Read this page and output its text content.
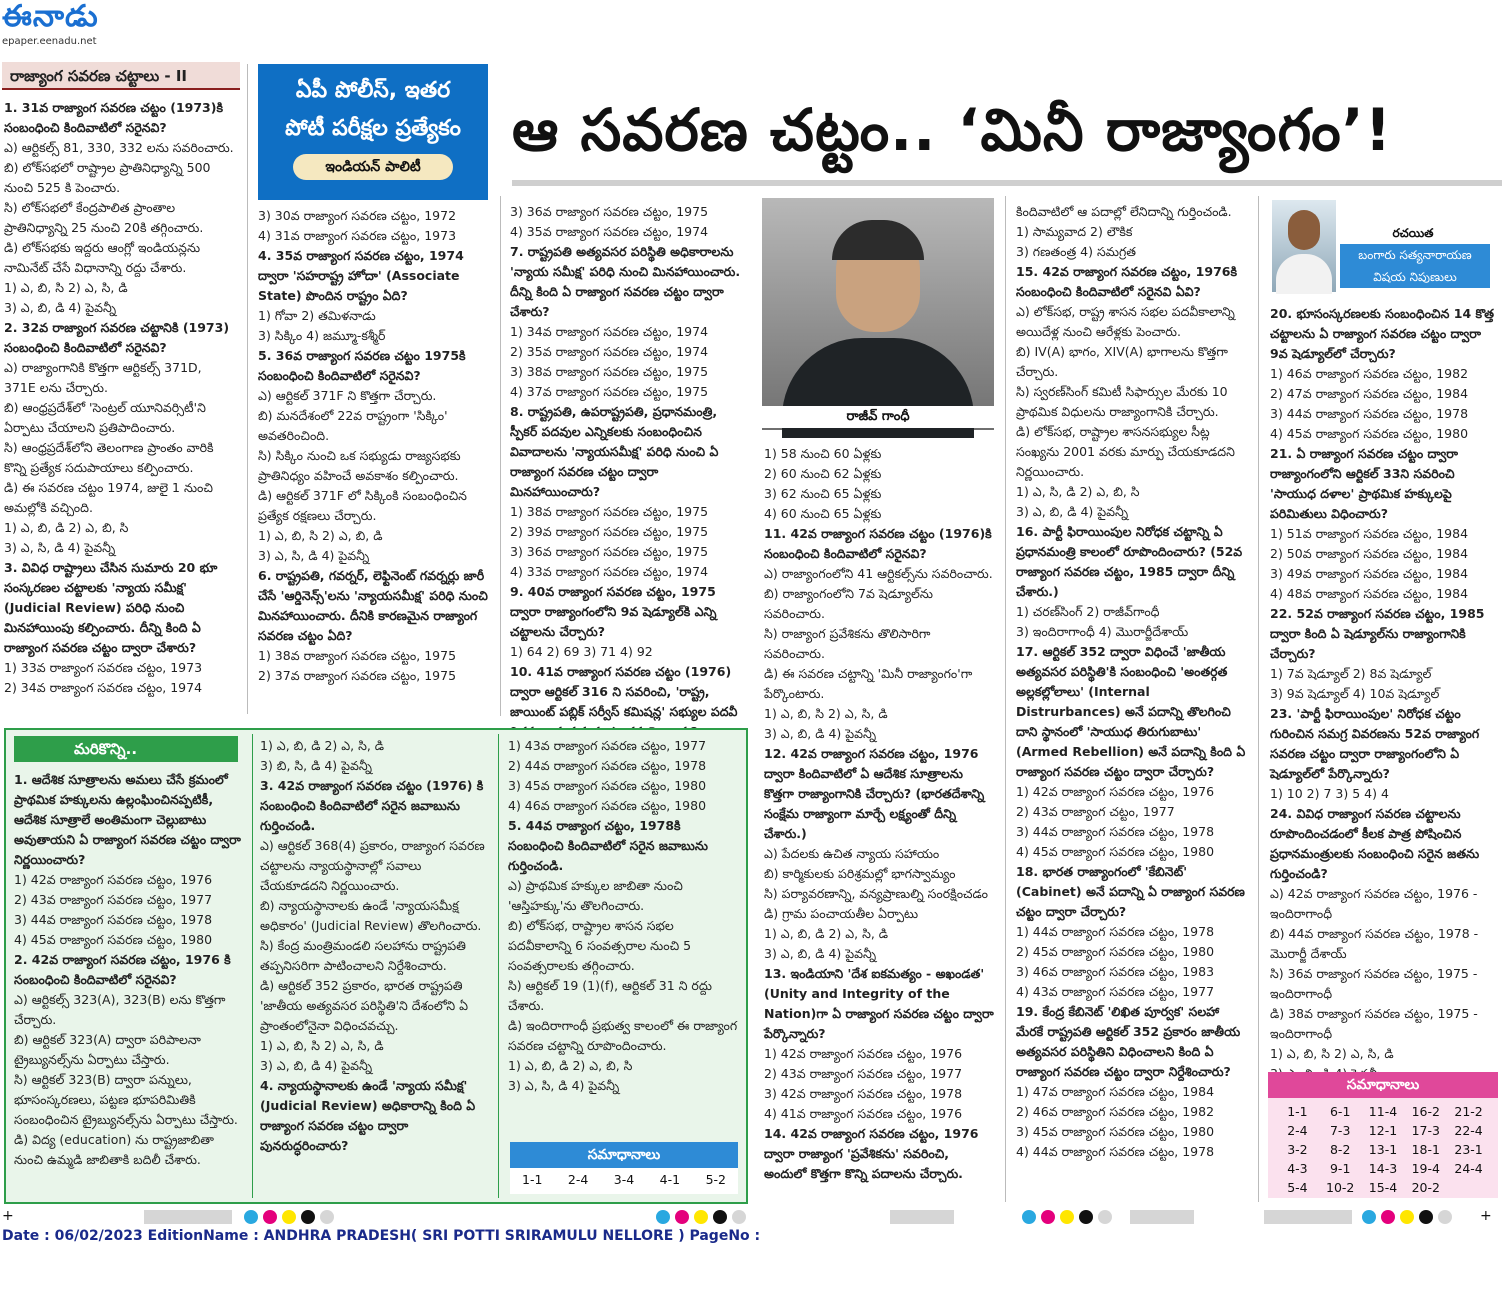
ఈనాడు
epaper.eenadu.net
రాజ్యాంగ సవరణ చట్టాలు - II
ఏపీ పోలీస్, ఇతర
పోటీ పరీక్షల ప్రత్యేకం
ఇండియన్ పాలిటీ
ఆ సవరణ చట్టం.. ‘మినీ రాజ్యాంగం’!

1. 31వ రాజ్యాంగ సవరణ చట్టం (1973)కి సంబంధించి కిందివాటిలో సరైనవి?

ఎ) ఆర్టికల్స్ 81, 330, 332 లను సవరించారు.

బి) లోక్‌సభలో రాష్ట్రాల ప్రాతినిధ్యాన్ని 500 నుంచి 525 కి పెంచారు.

సి) లోక్‌సభలో కేంద్రపాలిత ప్రాంతాల ప్రాతినిధ్యాన్ని 25 నుంచి 20కి తగ్గించారు.

డి) లోక్‌సభకు ఇద్దరు ఆంగ్లో ఇండియన్లను నామినేట్ చేసే విధానాన్ని రద్దు చేశారు.

1) ఎ, బి, సి 2) ఎ, సి, డి

3) ఎ, బి, డి 4) పైవన్నీ

2. 32వ రాజ్యాంగ సవరణ చట్టానికి (1973) సంబంధించి కిందివాటిలో సరైనవి?

ఎ) రాజ్యాంగానికి కొత్తగా ఆర్టికల్స్ 371D, 371E లను చేర్చారు.

బి) ఆంధ్రప్రదేశ్‌లో 'సెంట్రల్ యూనివర్సిటీ'ని ఏర్పాటు చేయాలని ప్రతిపాదించారు.

సి) ఆంధ్రప్రదేశ్‌లోని తెలంగాణ ప్రాంతం వారికి కొన్ని ప్రత్యేక సదుపాయాలు కల్పించారు.

డి) ఈ సవరణ చట్టం 1974, జులై 1 నుంచి అమల్లోకి వచ్చింది.

1) ఎ, బి, డి 2) ఎ, బి, సి

3) ఎ, సి, డి 4) పైవన్నీ

3. వివిధ రాష్ట్రాలు చేసిన సుమారు 20 భూ సంస్కరణల చట్టాలకు 'న్యాయ సమీక్ష' (Judicial Review) పరిధి నుంచి మినహాయింపు కల్పించారు. దీన్ని కింది ఏ రాజ్యాంగ సవరణ చట్టం ద్వారా చేశారు?

1) 33వ రాజ్యాంగ సవరణ చట్టం, 1973

2) 34వ రాజ్యాంగ సవరణ చట్టం, 1974

3) 30వ రాజ్యాంగ సవరణ చట్టం, 1972

4) 31వ రాజ్యాంగ సవరణ చట్టం, 1973

4. 35వ రాజ్యాంగ సవరణ చట్టం, 1974 ద్వారా 'సహరాష్ట్ర హోదా' (Associate State) పొందిన రాష్ట్రం ఏది?

1) గోవా 2) తమిళనాడు

3) సిక్కిం 4) జమ్మూ-కశ్మీర్

5. 36వ రాజ్యాంగ సవరణ చట్టం 1975కి సంబంధించి కిందివాటిలో సరైనవి?

ఎ) ఆర్టికల్ 371F ని కొత్తగా చేర్చారు.

బి) మనదేశంలో 22వ రాష్ట్రంగా 'సిక్కిం' అవతరించింది.

సి) సిక్కిం నుంచి ఒక సభ్యుడు రాజ్యసభకు ప్రాతినిధ్యం వహించే అవకాశం కల్పించారు.

డి) ఆర్టికల్ 371F లో సిక్కింకి సంబంధించిన ప్రత్యేక రక్షణలు చేర్చారు.

1) ఎ, బి, సి 2) ఎ, బి, డి

3) ఎ, సి, డి 4) పైవన్నీ

6. రాష్ట్రపతి, గవర్నర్, లెఫ్టినెంట్ గవర్నర్లు జారీ చేసే 'ఆర్డినెన్స్'లను 'న్యాయసమీక్ష' పరిధి నుంచి మినహాయించారు. దీనికి కారణమైన రాజ్యాంగ సవరణ చట్టం ఏది?

1) 38వ రాజ్యాంగ సవరణ చట్టం, 1975

2) 37వ రాజ్యాంగ సవరణ చట్టం, 1975

3) 36వ రాజ్యాంగ సవరణ చట్టం, 1975

4) 35వ రాజ్యాంగ సవరణ చట్టం, 1974

7. రాష్ట్రపతి అత్యవసర పరిస్థితి అధికారాలను 'న్యాయ సమీక్ష' పరిధి నుంచి మినహాయించారు. దీన్ని కింది ఏ రాజ్యాంగ సవరణ చట్టం ద్వారా చేశారు?

1) 34వ రాజ్యాంగ సవరణ చట్టం, 1974

2) 35వ రాజ్యాంగ సవరణ చట్టం, 1974

3) 38వ రాజ్యాంగ సవరణ చట్టం, 1975

4) 37వ రాజ్యాంగ సవరణ చట్టం, 1975

8. రాష్ట్రపతి, ఉపరాష్ట్రపతి, ప్రధానమంత్రి, స్పీకర్ పదవుల ఎన్నికలకు సంబంధించిన వివాదాలను 'న్యాయసమీక్ష' పరిధి నుంచి ఏ రాజ్యాంగ సవరణ చట్టం ద్వారా మినహాయించారు?

1) 38వ రాజ్యాంగ సవరణ చట్టం, 1975

2) 39వ రాజ్యాంగ సవరణ చట్టం, 1975

3) 36వ రాజ్యాంగ సవరణ చట్టం, 1975

4) 33వ రాజ్యాంగ సవరణ చట్టం, 1974

9. 40వ రాజ్యాంగ సవరణ చట్టం, 1975 ద్వారా రాజ్యాంగంలోని 9వ షెడ్యూల్‌కి ఎన్ని చట్టాలను చేర్చారు?

1) 64 2) 69 3) 71 4) 92

10. 41వ రాజ్యాంగ సవరణ చట్టం (1976) ద్వారా ఆర్టికల్ 316 ని సవరించి, 'రాష్ట్ర, జాయింట్ పబ్లిక్ సర్వీస్ కమిషన్ల' సభ్యుల పదవీ

రాజీవ్ గాంధీ

1) 58 నుంచి 60 ఏళ్లకు

2) 60 నుంచి 62 ఏళ్లకు

3) 62 నుంచి 65 ఏళ్లకు

4) 60 నుంచి 65 ఏళ్లకు

11. 42వ రాజ్యాంగ సవరణ చట్టం (1976)కి సంబంధించి కిందివాటిలో సరైనవి?

ఎ) రాజ్యాంగంలోని 41 ఆర్టికల్స్‌ను సవరించారు.

బి) రాజ్యాంగంలోని 7వ షెడ్యూల్‌ను సవరించారు.

సి) రాజ్యాంగ ప్రవేశికను తొలిసారిగా సవరించారు.

డి) ఈ సవరణ చట్టాన్ని 'మినీ రాజ్యాంగం'గా పేర్కొంటారు.

1) ఎ, బి, సి 2) ఎ, సి, డి

3) ఎ, బి, డి 4) పైవన్నీ

12. 42వ రాజ్యాంగ సవరణ చట్టం, 1976 ద్వారా కిందివాటిలో ఏ ఆదేశిక సూత్రాలను కొత్తగా రాజ్యాంగానికి చేర్చారు? (భారతదేశాన్ని సంక్షేమ రాజ్యాంగా మార్చే లక్ష్యంతో దీన్ని చేశారు.)

ఎ) పేదలకు ఉచిత న్యాయ సహాయం

బి) కార్మికులకు పరిశ్రమల్లో భాగస్వామ్యం

సి) పర్యావరణాన్ని, వన్యప్రాణుల్ని సంరక్షించడం

డి) గ్రామ పంచాయతీల ఏర్పాటు

1) ఎ, బి, డి 2) ఎ, సి, డి

3) ఎ, బి, డి 4) పైవన్నీ

13. ఇండియాని 'దేశ ఐకమత్యం - అఖండత' (Unity and Integrity of the Nation)గా ఏ రాజ్యాంగ సవరణ చట్టం ద్వారా పేర్కొన్నారు?

1) 42వ రాజ్యాంగ సవరణ చట్టం, 1976

2) 43వ రాజ్యాంగ సవరణ చట్టం, 1977

3) 42వ రాజ్యాంగ సవరణ చట్టం, 1978

4) 41వ రాజ్యాంగ సవరణ చట్టం, 1976

14. 42వ రాజ్యాంగ సవరణ చట్టం, 1976 ద్వారా రాజ్యాంగ 'ప్రవేశికను' సవరించి, అందులో కొత్తగా కొన్ని పదాలను చేర్చారు.

కిందివాటిలో ఆ పదాల్లో లేనిదాన్ని గుర్తించండి.

1) సామ్యవాద 2) లౌకిక

3) గణతంత్ర 4) సమగ్రత

15. 42వ రాజ్యాంగ సవరణ చట్టం, 1976కి సంబంధించి కిందివాటిలో సరైనవి ఏవి?

ఎ) లోక్‌సభ, రాష్ట్ర శాసన సభల పదవీకాలాన్ని అయిదేళ్ల నుంచి ఆరేళ్లకు పెంచారు.

బి) IV(A) భాగం, XIV(A) భాగాలను కొత్తగా చేర్చారు.

సి) స్వరణ్‌సింగ్ కమిటీ సిఫార్సుల మేరకు 10 ప్రాథమిక విధులను రాజ్యాంగానికి చేర్చారు.

డి) లోక్‌సభ, రాష్ట్రాల శాసనసభ్యుల సీట్ల సంఖ్యను 2001 వరకు మార్పు చేయకూడదని నిర్ణయించారు.

1) ఎ, సి, డి 2) ఎ, బి, సి

3) ఎ, బి, డి 4) పైవన్నీ

16. పార్టీ ఫిరాయింపుల నిరోధక చట్టాన్ని ఏ ప్రధానమంత్రి కాలంలో రూపొందించారు? (52వ రాజ్యాంగ సవరణ చట్టం, 1985 ద్వారా దీన్ని చేశారు.)

1) చరణ్‌సింగ్ 2) రాజీవ్‌గాంధీ

3) ఇందిరాగాంధీ 4) మొరార్జీదేశాయ్

17. ఆర్టికల్ 352 ద్వారా విధించే 'జాతీయ అత్యవసర పరిస్థితి'కి సంబంధించి 'అంతర్గత అల్లకల్లోలాలు' (Internal Distrurbances) అనే పదాన్ని తొలగించి దాని స్థానంలో 'సాయుధ తిరుగుబాటు' (Armed Rebellion) అనే పదాన్ని కింది ఏ రాజ్యాంగ సవరణ చట్టం ద్వారా చేర్చారు?

1) 42వ రాజ్యాంగ సవరణ చట్టం, 1976

2) 43వ రాజ్యాంగ చట్టం, 1977

3) 44వ రాజ్యాంగ సవరణ చట్టం, 1978

4) 45వ రాజ్యాంగ సవరణ చట్టం, 1980

18. భారత రాజ్యాంగంలో 'కేబినెట్' (Cabinet) అనే పదాన్ని ఏ రాజ్యాంగ సవరణ చట్టం ద్వారా చేర్చారు?

1) 44వ రాజ్యాంగ సవరణ చట్టం, 1978

2) 45వ రాజ్యాంగ సవరణ చట్టం, 1980

3) 46వ రాజ్యాంగ సవరణ చట్టం, 1983

4) 43వ రాజ్యాంగ సవరణ చట్టం, 1977

19. కేంద్ర కేబినెట్ 'లిఖిత పూర్వక' సలహా మేరకే రాష్ట్రపతి ఆర్టికల్ 352 ప్రకారం జాతీయ అత్యవసర పరిస్థితిని విధించాలని కింది ఏ రాజ్యాంగ సవరణ చట్టం ద్వారా నిర్దేశించారు?

1) 47వ రాజ్యాంగ సవరణ చట్టం, 1984

2) 46వ రాజ్యాంగ సవరణ చట్టం, 1982

3) 45వ రాజ్యాంగ సవరణ చట్టం, 1980

4) 44వ రాజ్యాంగ సవరణ చట్టం, 1978

రచయిత
బంగారు సత్యనారాయణ
విషయ నిపుణులు

20. భూసంస్కరణలకు సంబంధించిన 14 కొత్త చట్టాలను ఏ రాజ్యాంగ సవరణ చట్టం ద్వారా 9వ షెడ్యూల్‌లో చేర్చారు?

1) 46వ రాజ్యాంగ సవరణ చట్టం, 1982

2) 47వ రాజ్యాంగ సవరణ చట్టం, 1984

3) 44వ రాజ్యాంగ సవరణ చట్టం, 1978

4) 45వ రాజ్యాంగ సవరణ చట్టం, 1980

21. ఏ రాజ్యాంగ సవరణ చట్టం ద్వారా రాజ్యాంగంలోని ఆర్టికల్ 33ని సవరించి 'సాయుధ దళాల' ప్రాథమిక హక్కులపై పరిమితులు విధించారు?

1) 51వ రాజ్యాంగ సవరణ చట్టం, 1984

2) 50వ రాజ్యాంగ సవరణ చట్టం, 1984

3) 49వ రాజ్యాంగ సవరణ చట్టం, 1984

4) 48వ రాజ్యాంగ సవరణ చట్టం, 1984

22. 52వ రాజ్యాంగ సవరణ చట్టం, 1985 ద్వారా కింది ఏ షెడ్యూల్‌ను రాజ్యాంగానికి చేర్చారు?

1) 7వ షెడ్యూల్ 2) 8వ షెడ్యూల్

3) 9వ షెడ్యూల్ 4) 10వ షెడ్యూల్

23. 'పార్టీ ఫిరాయింపుల' నిరోధక చట్టం గురించిన సమగ్ర వివరణను 52వ రాజ్యాంగ సవరణ చట్టం ద్వారా రాజ్యాంగంలోని ఏ షెడ్యూల్‌లో పేర్కొన్నారు?

1) 10 2) 7 3) 5 4) 4

24. వివిధ రాజ్యాంగ సవరణ చట్టాలను రూపొందించడంలో కీలక పాత్ర పోషించిన ప్రధానమంత్రులకు సంబంధించి సరైన జతను గుర్తించండి?

ఎ) 42వ రాజ్యాంగ సవరణ చట్టం, 1976 - ఇందిరాగాంధీ

బి) 44వ రాజ్యాంగ సవరణ చట్టం, 1978 - మొరార్జీ దేశాయ్

సి) 36వ రాజ్యాంగ సవరణ చట్టం, 1975 - ఇందిరాగాంధీ

డి) 38వ రాజ్యాంగ సవరణ చట్టం, 1975 - ఇందిరాగాంధీ

1) ఎ, బి, సి 2) ఎ, సి, డి

సమాధానాలు
1-1	6-1	11-4	16-2	21-2
2-4	7-3	12-1	17-3	22-4
3-2	8-2	13-1	18-1	23-1
4-3	9-1	14-3	19-4	24-4
5-4	10-2	15-4	20-2
మరికొన్ని..

1. ఆదేశిక సూత్రాలను అమలు చేసే క్రమంలో ప్రాథమిక హక్కులను ఉల్లంఘించినప్పటికీ, ఆదేశిక సూత్రాలే అంతిమంగా చెల్లుబాటు అవుతాయని ఏ రాజ్యాంగ సవరణ చట్టం ద్వారా నిర్ణయించారు?

1) 42వ రాజ్యాంగ సవరణ చట్టం, 1976

2) 43వ రాజ్యాంగ సవరణ చట్టం, 1977

3) 44వ రాజ్యాంగ సవరణ చట్టం, 1978

4) 45వ రాజ్యాంగ సవరణ చట్టం, 1980

2. 42వ రాజ్యాంగ సవరణ చట్టం, 1976 కి సంబంధించి కిందివాటిలో సరైనవి?

ఎ) ఆర్టికల్స్ 323(A), 323(B) లను కొత్తగా చేర్చారు.

బి) ఆర్టికల్ 323(A) ద్వారా పరిపాలనా ట్రైబ్యునల్స్‌ను ఏర్పాటు చేస్తారు.

సి) ఆర్టికల్ 323(B) ద్వారా పన్నులు, భూసంస్కరణలు, పట్టణ భూపరిమితికి సంబంధించిన ట్రైబ్యునల్స్‌ను ఏర్పాటు చేస్తారు.

డి) విద్య (education) ను రాష్ట్రజాబితా నుంచి ఉమ్మడి జాబితాకి బదిలీ చేశారు.

1) ఎ, బి, డి 2) ఎ, సి, డి

3) బి, సి, డి 4) పైవన్నీ

3. 42వ రాజ్యాంగ సవరణ చట్టం (1976) కి సంబంధించి కిందివాటిలో సరైన జవాబును గుర్తించండి.

ఎ) ఆర్టికల్ 368(4) ప్రకారం, రాజ్యాంగ సవరణ చట్టాలను న్యాయస్థానాల్లో సవాలు చేయకూడదని నిర్ణయించారు.

బి) న్యాయస్థానాలకు ఉండే 'న్యాయసమీక్ష అధికారం' (Judicial Review) తొలగించారు.

సి) కేంద్ర మంత్రిమండలి సలహాను రాష్ట్రపతి తప్పనిసరిగా పాటించాలని నిర్దేశించారు.

డి) ఆర్టికల్ 352 ప్రకారం, భారత రాష్ట్రపతి 'జాతీయ అత్యవసర పరిస్థితి'ని దేశంలోని ఏ ప్రాంతంలోనైనా విధించవచ్చు.

1) ఎ, బి, సి 2) ఎ, సి, డి

3) ఎ, బి, డి 4) పైవన్నీ

4. న్యాయస్థానాలకు ఉండే 'న్యాయ సమీక్ష' (Judicial Review) అధికారాన్ని కింది ఏ రాజ్యాంగ సవరణ చట్టం ద్వారా పునరుద్ధరించారు?

1) 43వ రాజ్యాంగ సవరణ చట్టం, 1977

2) 44వ రాజ్యాంగ సవరణ చట్టం, 1978

3) 45వ రాజ్యాంగ సవరణ చట్టం, 1980

4) 46వ రాజ్యాంగ సవరణ చట్టం, 1980

5. 44వ రాజ్యాంగ చట్టం, 1978కి సంబంధించి కిందివాటిలో సరైన జవాబును గుర్తించండి.

ఎ) ప్రాథమిక హక్కుల జాబితా నుంచి 'ఆస్తిహక్కు'ను తొలగించారు.

బి) లోక్‌సభ, రాష్ట్రాల శాసన సభల పదవీకాలాన్ని 6 సంవత్సరాల నుంచి 5 సంవత్సరాలకు తగ్గించారు.

సి) ఆర్టికల్ 19 (1)(f), ఆర్టికల్ 31 ని రద్దు చేశారు.

డి) ఇందిరాగాంధీ ప్రభుత్వ కాలంలో ఈ రాజ్యాంగ సవరణ చట్టాన్ని రూపొందించారు.

1) ఎ, బి, డి 2) ఎ, బి, సి

3) ఎ, సి, డి 4) పైవన్నీ

సమాధానాలు
1-1 2-4 3-4 4-1 5-2
+	+
Date : 06/02/2023 EditionName : ANDHRA PRADESH( SRI POTTI SRIRAMULU NELLORE ) PageNo :
